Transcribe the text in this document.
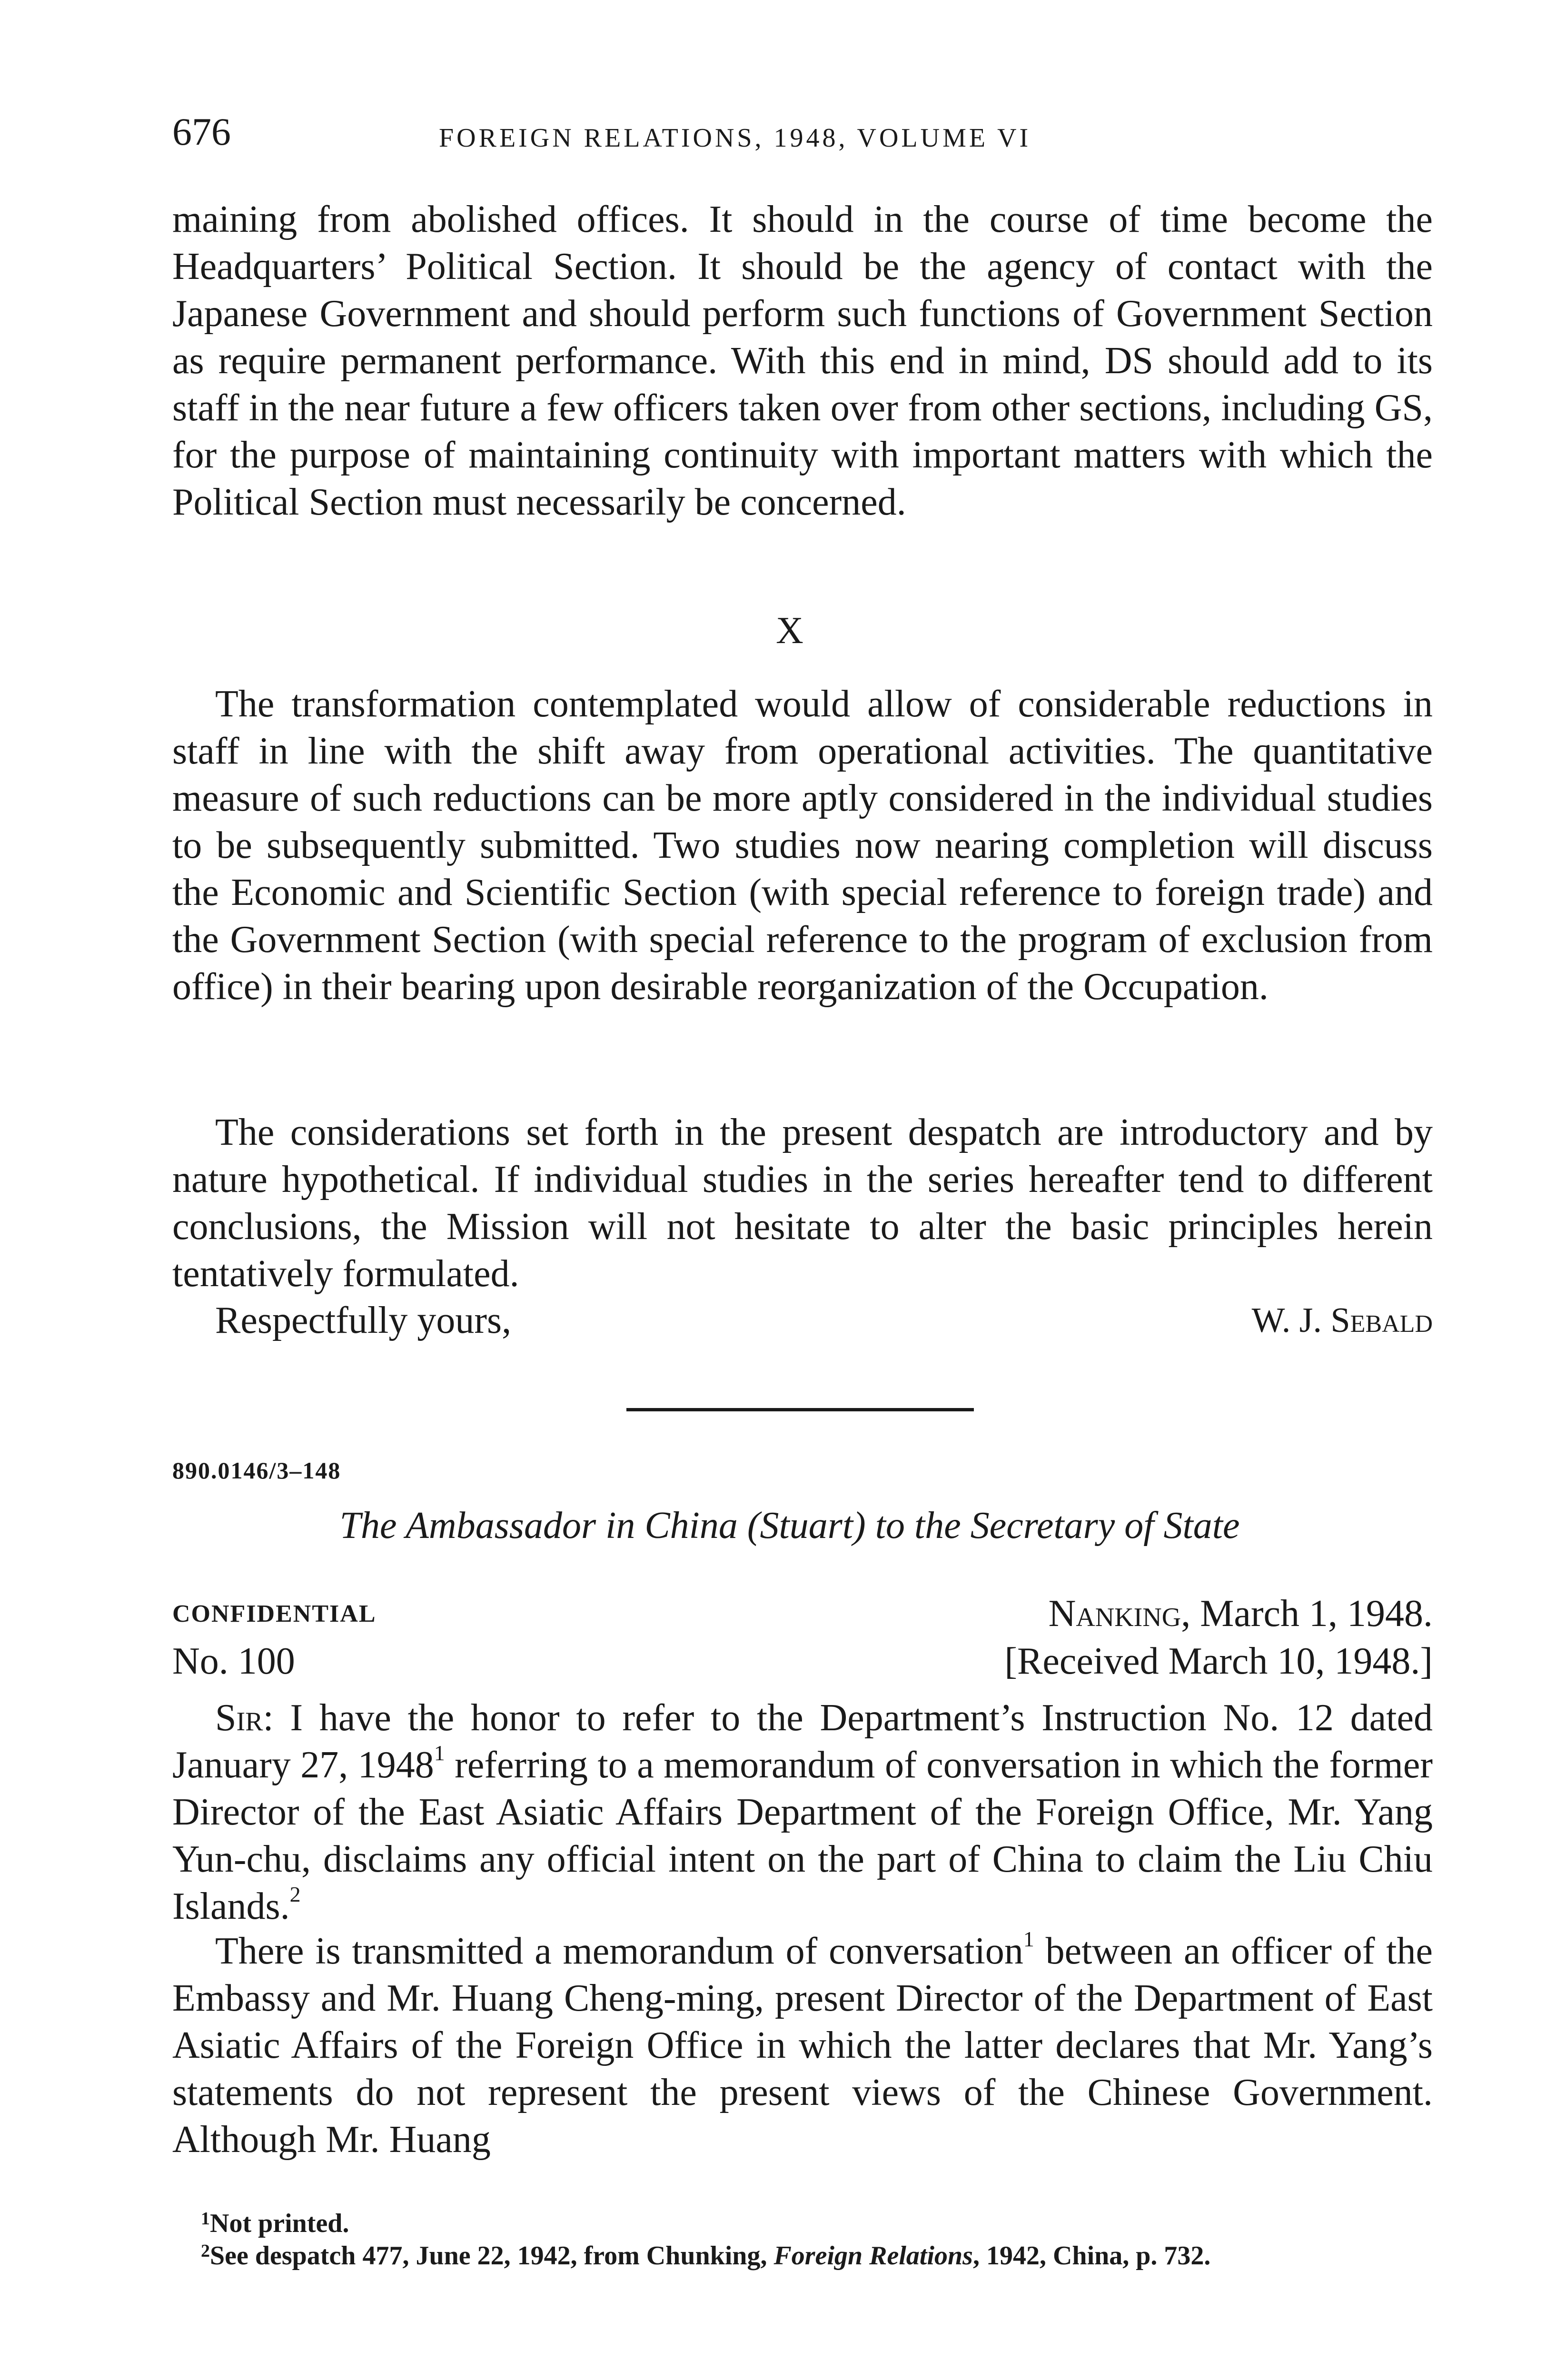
676	FOREIGN RELATIONS, 1948, VOLUME VI

maining from abolished offices. It should in the course of time become the Headquarters’ Political Section. It should be the agency of contact with the Japanese Government and should perform such functions of Government Section as require permanent performance. With this end in mind, DS should add to its staff in the near future a few officers taken over from other sections, including GS, for the purpose of maintaining continuity with important matters with which the Political Section must necessarily be concerned.

X

The transformation contemplated would allow of considerable reductions in staff in line with the shift away from operational activities. The quantitative measure of such reductions can be more aptly considered in the individual studies to be subsequently submitted. Two studies now nearing completion will discuss the Economic and Scientific Section (with special reference to foreign trade) and the Government Section (with special reference to the program of exclusion from office) in their bearing upon desirable reorganization of the Occupation.

The considerations set forth in the present despatch are introductory and by nature hypothetical. If individual studies in the series hereafter tend to different conclusions, the Mission will not hesitate to alter the basic principles herein tentatively formulated.

Respectfully yours,	W. J. Sebald
890.0146/3–148
The Ambassador in China (Stuart) to the Secretary of State
CONFIDENTIAL	Nanking, March 1, 1948.
No. 100	[Received March 10, 1948.]

Sir: I have the honor to refer to the Department’s Instruction No. 12 dated January 27, 1948$^1$ referring to a memorandum of conversation in which the former Director of the East Asiatic Affairs Department of the Foreign Office, Mr. Yang Yun-chu, disclaims any official intent on the part of China to claim the Liu Chiu Islands.$^2$

There is transmitted a memorandum of conversation$^1$ between an officer of the Embassy and Mr. Huang Cheng-ming, present Director of the Department of East Asiatic Affairs of the Foreign Office in which the latter declares that Mr. Yang’s statements do not represent the present views of the Chinese Government. Although Mr. Huang

$^1$Not printed.

$^2$See despatch 477, June 22, 1942, from Chunking, Foreign Relations, 1942, China, p. 732.
